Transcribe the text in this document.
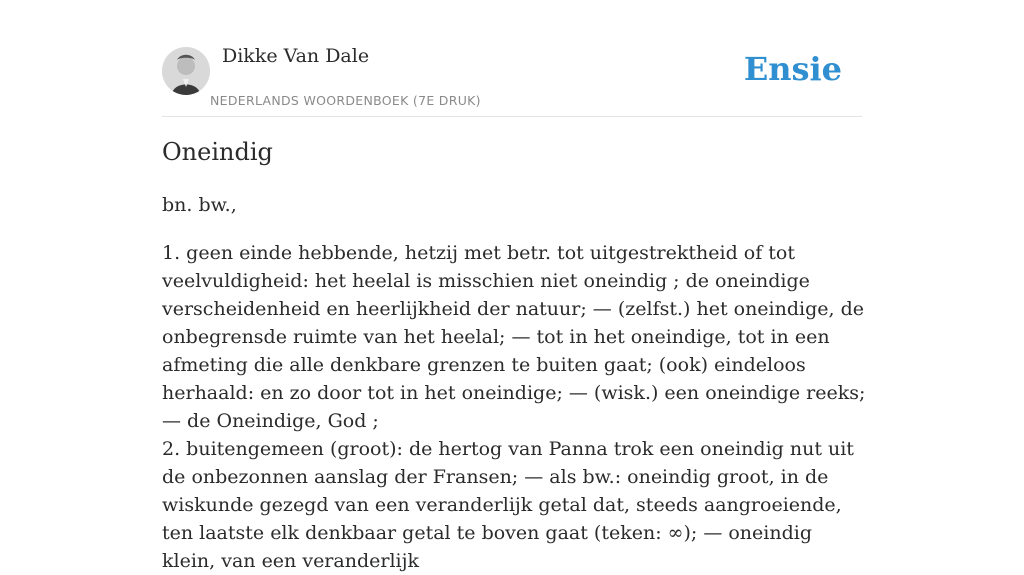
Dikke Van Dale
NEDERLANDS WOORDENBOEK (7E DRUK)
Ensie
Oneindig
bn. bw.,

1. geen einde hebbende, hetzij met betr. tot uitgestrektheid of tot veelvuldigheid: het heelal is misschien niet oneindig ; de oneindige verscheidenheid en heerlijkheid der natuur; — (zelfst.) het oneindige, de onbegrensde ruimte van het heelal; — tot in het oneindige, tot in een afmeting die alle denkbare grenzen te buiten gaat; (ook) eindeloos herhaald: en zo door tot in het oneindige; — (wisk.) een oneindige reeks; — de Oneindige, God ;

2. buitengemeen (groot): de hertog van Panna trok een oneindig nut uit de onbezonnen aanslag der Fransen; — als bw.: oneindig groot, in de wiskunde gezegd van een veranderlijk getal dat, steeds aangroeiende, ten laatste elk denkbaar getal te boven gaat (teken: ∞); — oneindig klein, van een veranderlijk
